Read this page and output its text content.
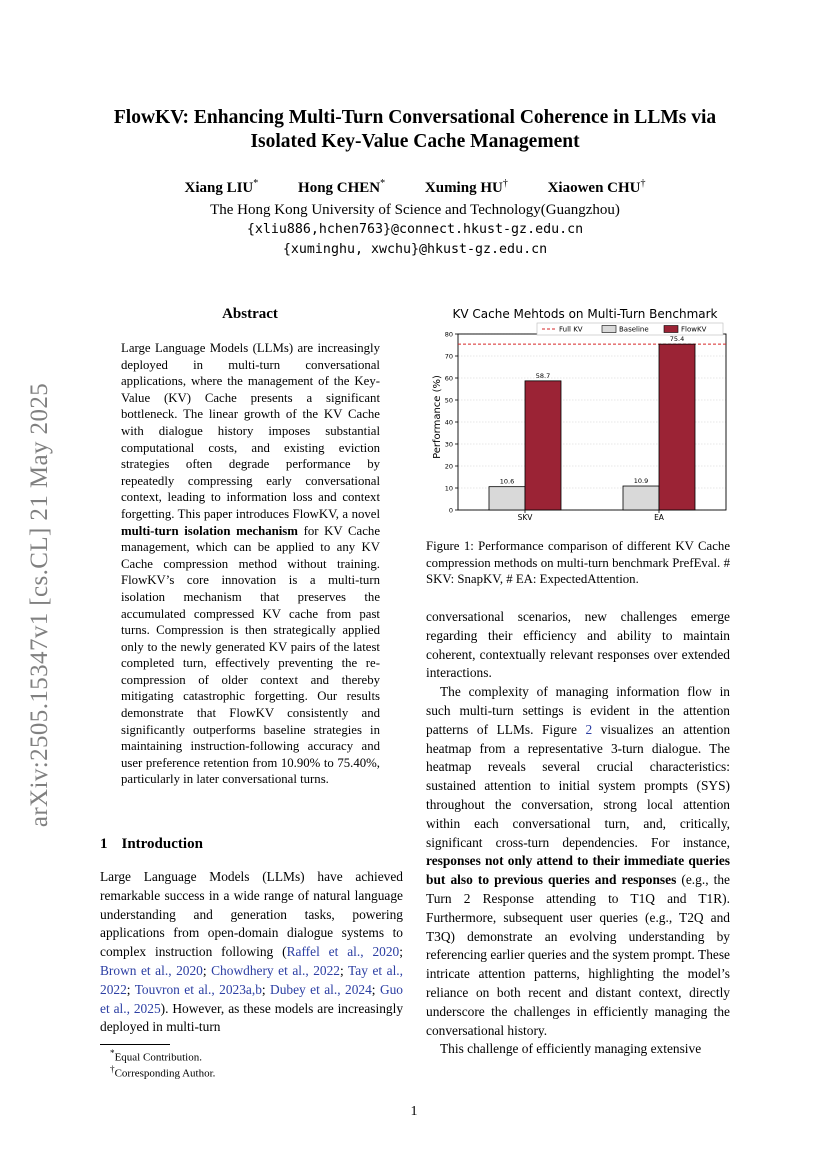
FlowKV: Enhancing Multi-Turn Conversational Coherence in LLMs via
Isolated Key-Value Cache Management
Xiang LIU*	Hong CHEN*	Xuming HU†	Xiaowen CHU†
The Hong Kong University of Science and Technology(Guangzhou)
{xliu886,hchen763}@connect.hkust-gz.edu.cn
{xuminghu, xwchu}@hkust-gz.edu.cn
arXiv:2505.15347v1 [cs.CL] 21 May 2025
Abstract
Large Language Models (LLMs) are increasingly deployed in multi-turn conversational applications, where the management of the Key-Value (KV) Cache presents a significant bottleneck. The linear growth of the KV Cache with dialogue history imposes substantial computational costs, and existing eviction strategies often degrade performance by repeatedly compressing early conversational context, leading to information loss and context forgetting. This paper introduces FlowKV, a novel multi-turn isolation mechanism for KV Cache management, which can be applied to any KV Cache compression method without training. FlowKV’s core innovation is a multi-turn isolation mechanism that preserves the accumulated compressed KV cache from past turns. Compression is then strategically applied only to the newly generated KV pairs of the latest completed turn, effectively preventing the re-compression of older context and thereby mitigating catastrophic forgetting. Our results demonstrate that FlowKV consistently and significantly outperforms baseline strategies in maintaining instruction-following accuracy and user preference retention from 10.90% to 75.40%, particularly in later conversational turns.
1 Introduction
Large Language Models (LLMs) have achieved remarkable success in a wide range of natural language understanding and generation tasks, powering applications from open-domain dialogue systems to complex instruction following (Raffel et al., 2020; Brown et al., 2020; Chowdhery et al., 2022; Tay et al., 2022; Touvron et al., 2023a,b; Dubey et al., 2024; Guo et al., 2025). However, as these models are increasingly deployed in multi-turn
*Equal Contribution.
†Corresponding Author.
1
KV Cache Mehtods on Multi-Turn Benchmark
0
10
20
30
40
50
60
70
80
10.6
58.7
SKV
10.9
75.4
EA
Performance (%)
Full KV	Baseline	FlowKV
Figure 1: Performance comparison of different KV Cache compression methods on multi-turn benchmark PrefEval. # SKV: SnapKV, # EA: ExpectedAttention.

conversational scenarios, new challenges emerge regarding their efficiency and ability to maintain coherent, contextually relevant responses over extended interactions.

The complexity of managing information flow in such multi-turn settings is evident in the attention patterns of LLMs. Figure 2 visualizes an attention heatmap from a representative 3-turn dialogue. The heatmap reveals several crucial characteristics: sustained attention to initial system prompts (SYS) throughout the conversation, strong local attention within each conversational turn, and, critically, significant cross-turn dependencies. For instance, responses not only attend to their immediate queries but also to previous queries and responses (e.g., the Turn 2 Response attending to T1Q and T1R). Furthermore, subsequent user queries (e.g., T2Q and T3Q) demonstrate an evolving understanding by referencing earlier queries and the system prompt. These intricate attention patterns, highlighting the model’s reliance on both recent and distant context, directly underscore the challenges in efficiently managing the conversational history.

This challenge of efficiently managing extensive
